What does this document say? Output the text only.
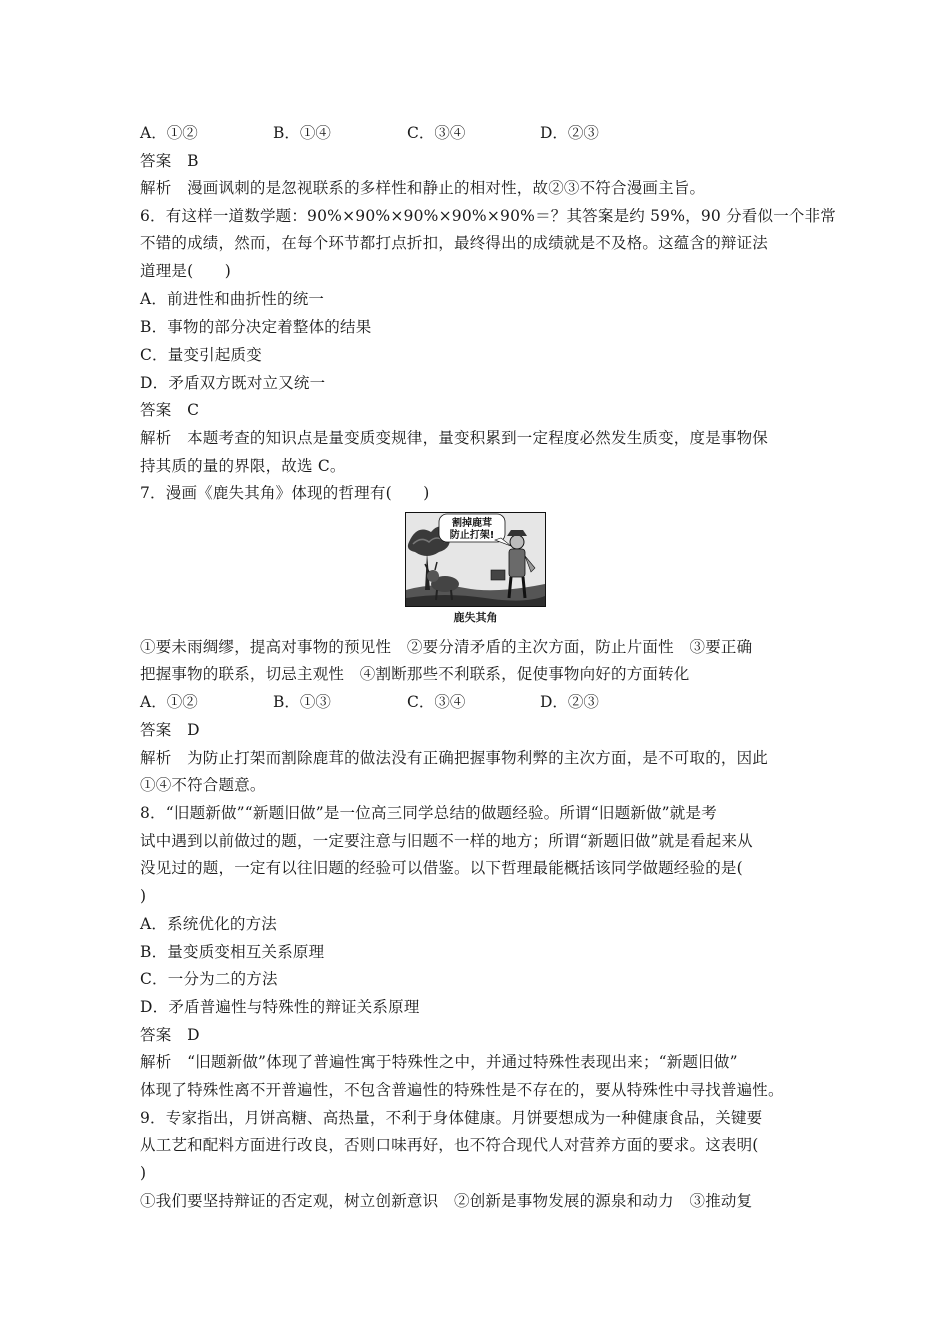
A．①②	B．①④	C．③④	D．②③
答案　B
解析　漫画讽刺的是忽视联系的多样性和静止的相对性，故②③不符合漫画主旨。
6．有这样一道数学题：90%×90%×90%×90%×90%＝？其答案是约 59%，90 分看似一个非常
不错的成绩，然而，在每个环节都打点折扣，最终得出的成绩就是不及格。这蕴含的辩证法
道理是(　　)
A．前进性和曲折性的统一
B．事物的部分决定着整体的结果
C．量变引起质变
D．矛盾双方既对立又统一
答案　C
解析　本题考查的知识点是量变质变规律，量变积累到一定程度必然发生质变，度是事物保
持其质的量的界限，故选 C。
7．漫画《鹿失其角》体现的哲理有(　　)
割掉鹿茸
防止打架!
鹿失其角
①要未雨绸缪，提高对事物的预见性　②要分清矛盾的主次方面，防止片面性　③要正确
把握事物的联系，切忌主观性　④割断那些不利联系，促使事物向好的方面转化
A．①②	B．①③	C．③④	D．②③
答案　D
解析　为防止打架而割除鹿茸的做法没有正确把握事物利弊的主次方面，是不可取的，因此
①④不符合题意。
8．“旧题新做”“新题旧做”是一位高三同学总结的做题经验。所谓“旧题新做”就是考
试中遇到以前做过的题，一定要注意与旧题不一样的地方；所谓“新题旧做”就是看起来从
没见过的题，一定有以往旧题的经验可以借鉴。以下哲理最能概括该同学做题经验的是(
)
A．系统优化的方法
B．量变质变相互关系原理
C．一分为二的方法
D．矛盾普遍性与特殊性的辩证关系原理
答案　D
解析　“旧题新做”体现了普遍性寓于特殊性之中，并通过特殊性表现出来；“新题旧做”
体现了特殊性离不开普遍性，不包含普遍性的特殊性是不存在的，要从特殊性中寻找普遍性。
9．专家指出，月饼高糖、高热量，不利于身体健康。月饼要想成为一种健康食品，关键要
从工艺和配料方面进行改良，否则口味再好，也不符合现代人对营养方面的要求。这表明(
)
①我们要坚持辩证的否定观，树立创新意识　②创新是事物发展的源泉和动力　③推动复
